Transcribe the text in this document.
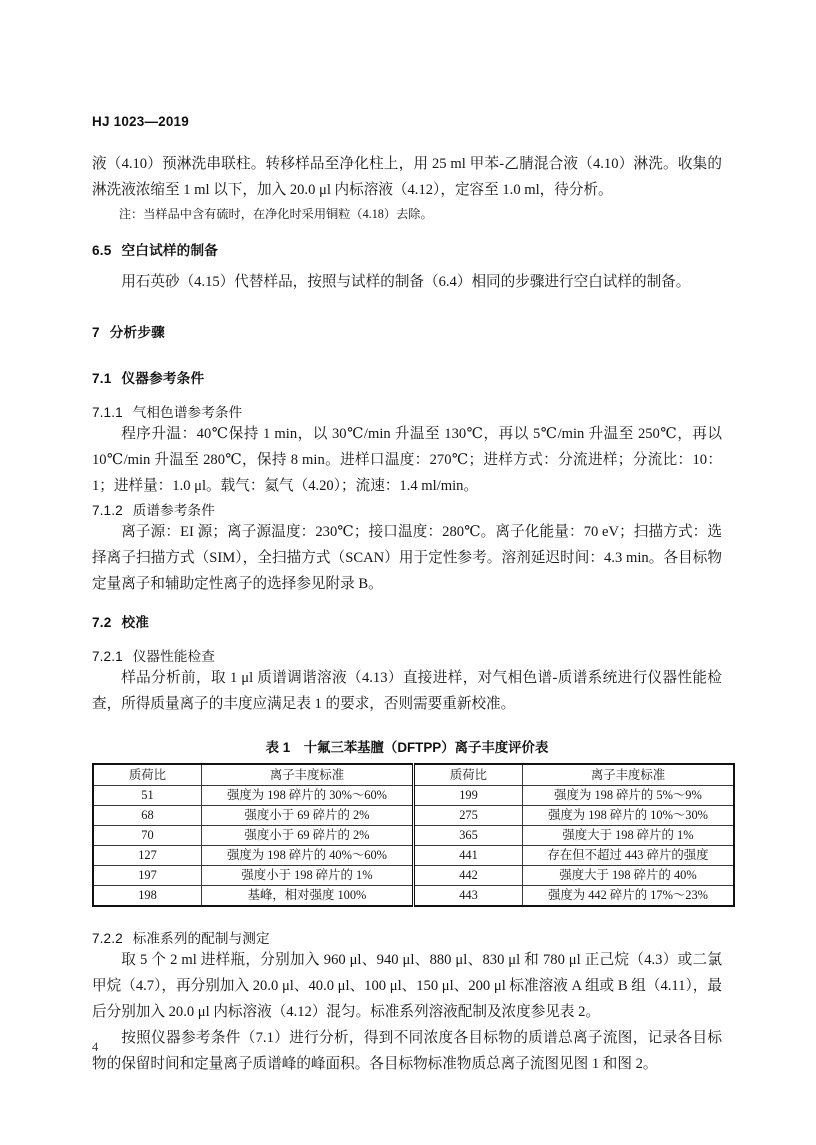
HJ 1023—2019

液（4.10）预淋洗串联柱。转移样品至净化柱上，用 25 ml 甲苯-乙腈混合液（4.10）淋洗。收集的淋洗液浓缩至 1 ml 以下，加入 20.0 μl 内标溶液（4.12），定容至 1.0 ml，待分析。

注：当样品中含有硫时，在净化时采用铜粒（4.18）去除。

6.5 空白试样的制备

用石英砂（4.15）代替样品，按照与试样的制备（6.4）相同的步骤进行空白试样的制备。

7 分析步骤
7.1 仪器参考条件
7.1.1 气相色谱参考条件

程序升温：40℃保持 1 min，以 30℃/min 升温至 130℃，再以 5℃/min 升温至 250℃，再以 10℃/min 升温至 280℃，保持 8 min。进样口温度：270℃；进样方式：分流进样；分流比：10：1；进样量：1.0 μl。载气：氦气（4.20）；流速：1.4 ml/min。

7.1.2 质谱参考条件

离子源：EI 源；离子源温度：230℃；接口温度：280℃。离子化能量：70 eV；扫描方式：选择离子扫描方式（SIM），全扫描方式（SCAN）用于定性参考。溶剂延迟时间：4.3 min。各目标物定量离子和辅助定性离子的选择参见附录 B。

7.2 校准
7.2.1 仪器性能检查

样品分析前，取 1 μl 质谱调谐溶液（4.13）直接进样，对气相色谱-质谱系统进行仪器性能检查，所得质量离子的丰度应满足表 1 的要求，否则需要重新校准。

表 1　十氟三苯基膻（DFTPP）离子丰度评价表
质荷比	离子丰度标准	质荷比	离子丰度标准
51	强度为 198 碎片的 30%～60%	199	强度为 198 碎片的 5%～9%
68	强度小于 69 碎片的 2%	275	强度为 198 碎片的 10%～30%
70	强度小于 69 碎片的 2%	365	强度大于 198 碎片的 1%
127	强度为 198 碎片的 40%～60%	441	存在但不超过 443 碎片的强度
197	强度小于 198 碎片的 1%	442	强度大于 198 碎片的 40%
198	基峰，相对强度 100%	443	强度为 442 碎片的 17%～23%
7.2.2 标准系列的配制与测定

取 5 个 2 ml 进样瓶，分别加入 960 μl、940 μl、880 μl、830 μl 和 780 μl 正己烷（4.3）或二氯甲烷（4.7），再分别加入 20.0 μl、40.0 μl、100 μl、150 μl、200 μl 标准溶液 A 组或 B 组（4.11），最后分别加入 20.0 μl 内标溶液（4.12）混匀。标准系列溶液配制及浓度参见表 2。

按照仪器参考条件（7.1）进行分析，得到不同浓度各目标物的质谱总离子流图，记录各目标物的保留时间和定量离子质谱峰的峰面积。各目标物标准物质总离子流图见图 1 和图 2。

4
